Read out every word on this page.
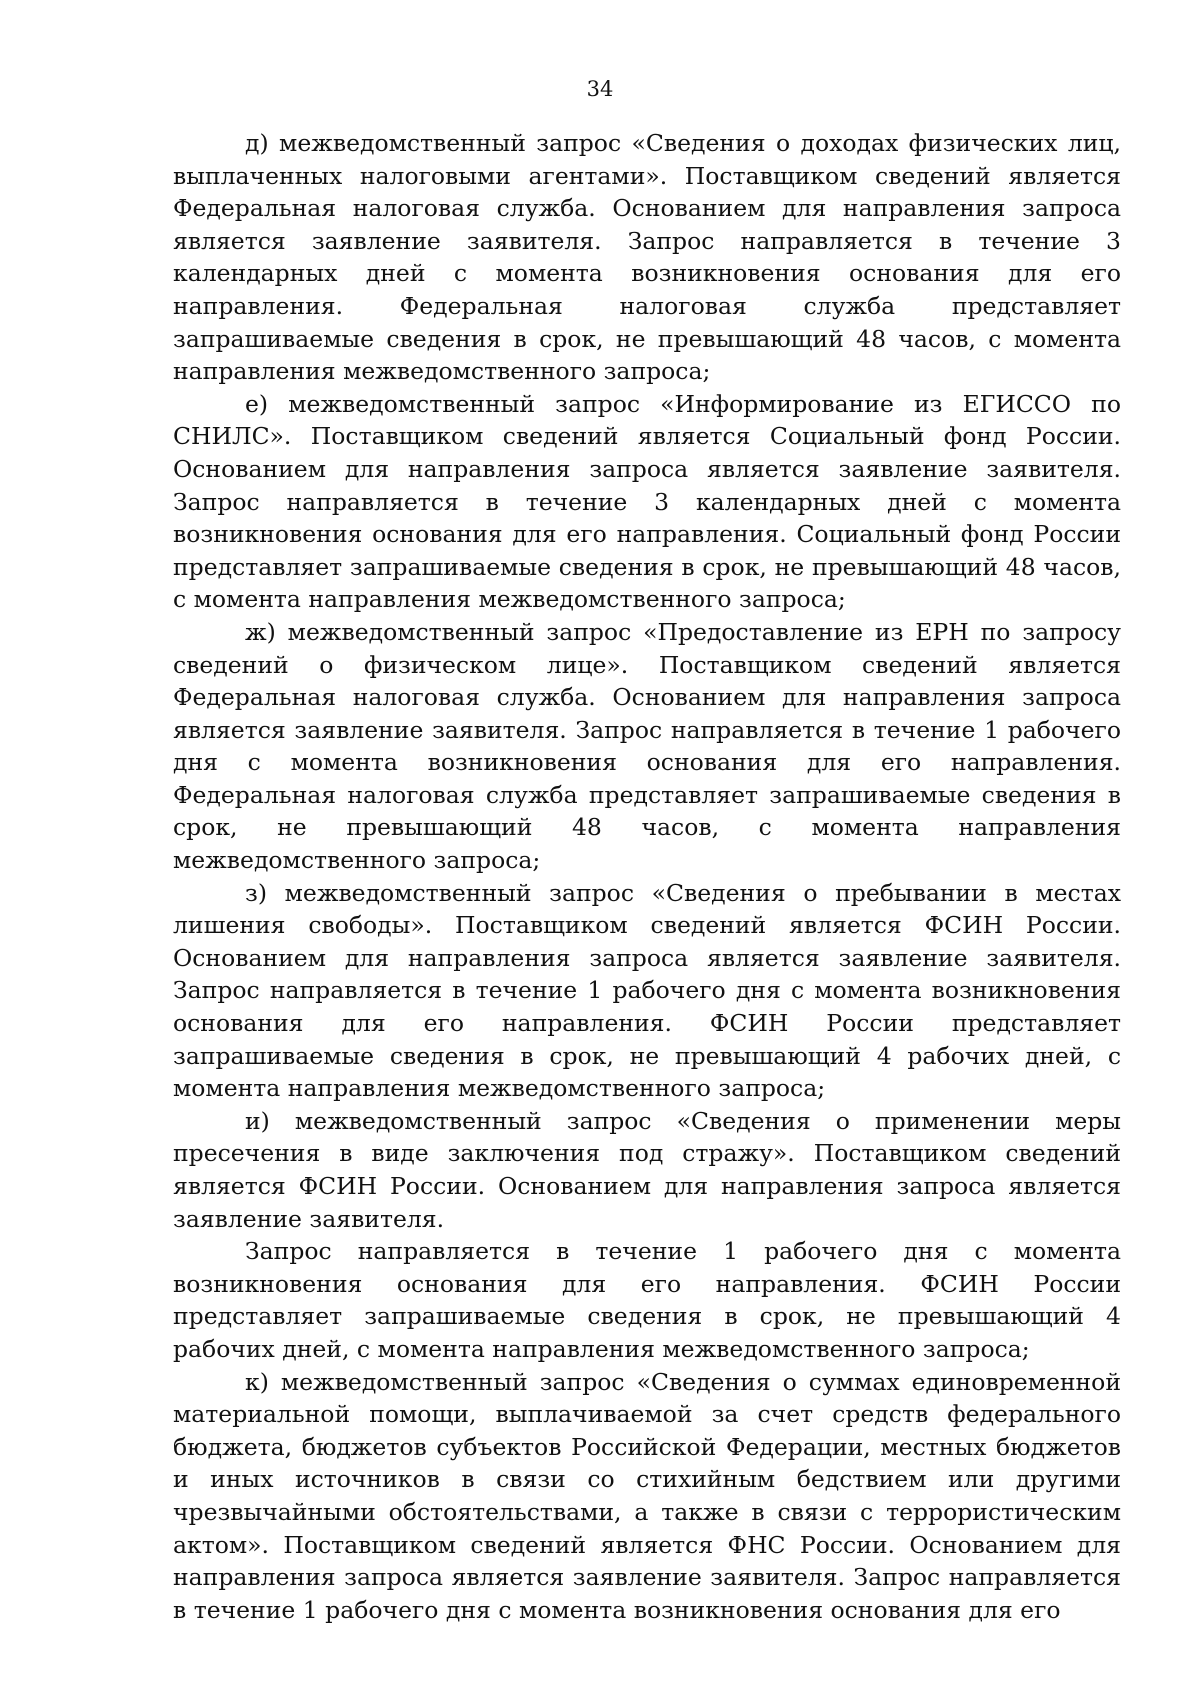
34

д) межведомственный запрос «Сведения о доходах физических лиц, выплаченных налоговыми агентами». Поставщиком сведений является Федеральная налоговая служба. Основанием для направления запроса является заявление заявителя. Запрос направляется в течение 3 календарных дней с момента возникновения основания для его направления. Федеральная налоговая служба представляет запрашиваемые сведения в срок, не превышающий 48 часов, с момента направления межведомственного запроса;

е) межведомственный запрос «Информирование из ЕГИССО по СНИЛС». Поставщиком сведений является Социальный фонд России. Основанием для направления запроса является заявление заявителя. Запрос направляется в течение 3 календарных дней с момента возникновения основания для его направления. Социальный фонд России представляет запрашиваемые сведения в срок, не превышающий 48 часов, с момента направления межведомственного запроса;

ж) межведомственный запрос «Предоставление из ЕРН по запросу сведений о физическом лице». Поставщиком сведений является Федеральная налоговая служба. Основанием для направления запроса является заявление заявителя. Запрос направляется в течение 1 рабочего дня с момента возникновения основания для его направления. Федеральная налоговая служба представляет запрашиваемые сведения в срок, не превышающий 48 часов, с момента направления межведомственного запроса;

з) межведомственный запрос «Сведения о пребывании в местах лишения свободы». Поставщиком сведений является ФСИН России. Основанием для направления запроса является заявление заявителя. Запрос направляется в течение 1 рабочего дня с момента возникновения основания для его направления. ФСИН России представляет запрашиваемые сведения в срок, не превышающий 4 рабочих дней, с момента направления межведомственного запроса;

и) межведомственный запрос «Сведения о применении меры пресечения в виде заключения под стражу». Поставщиком сведений является ФСИН России. Основанием для направления запроса является заявление заявителя.

Запрос направляется в течение 1 рабочего дня с момента возникновения основания для его направления. ФСИН России представляет запрашиваемые сведения в срок, не превышающий 4 рабочих дней, с момента направления межведомственного запроса;

к) межведомственный запрос «Сведения о суммах единовременной материальной помощи, выплачиваемой за счет средств федерального бюджета, бюджетов субъектов Российской Федерации, местных бюджетов и иных источников в связи со стихийным бедствием или другими чрезвычайными обстоятельствами, а также в связи с террористическим актом». Поставщиком сведений является ФНС России. Основанием для направления запроса является заявление заявителя. Запрос направляется в течение 1 рабочего дня с момента возникновения основания для его
